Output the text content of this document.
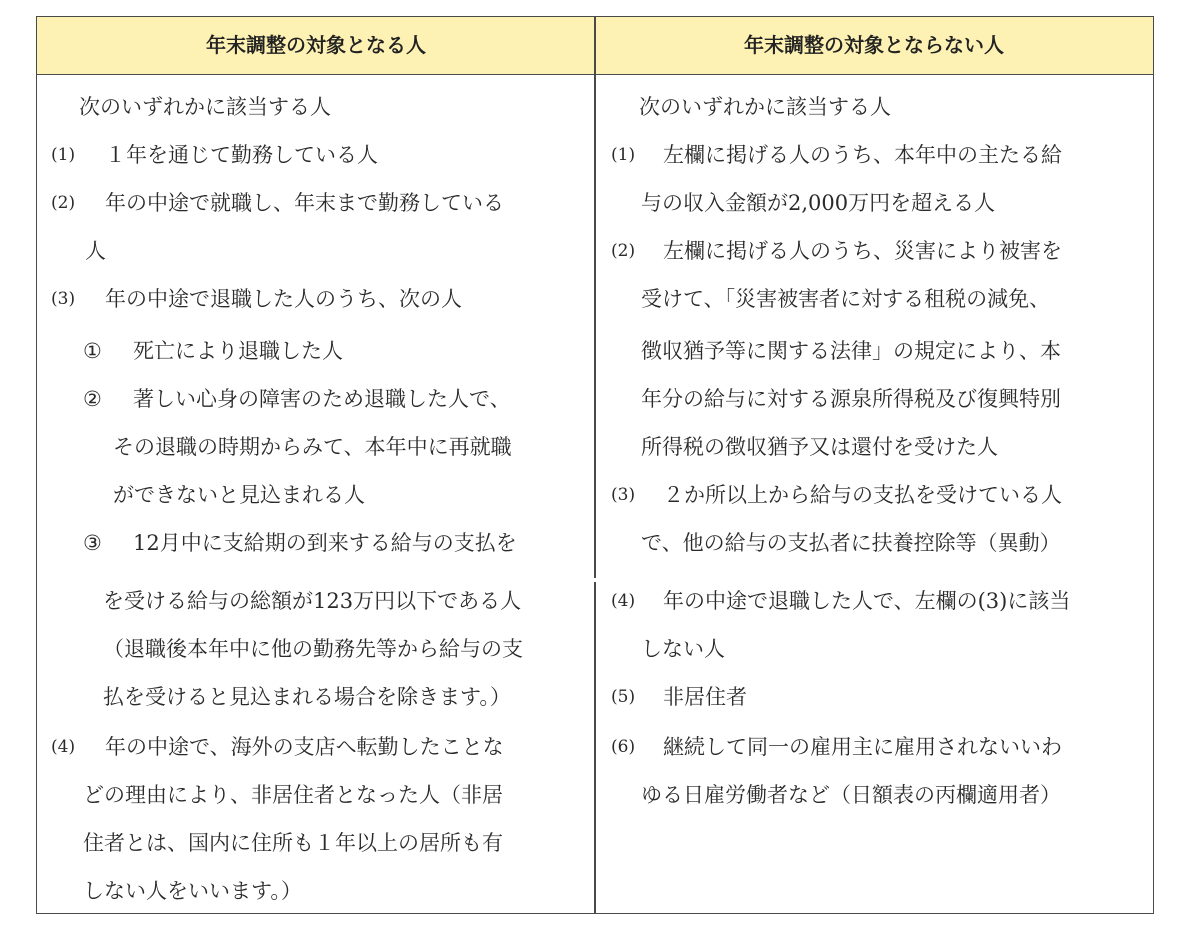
年末調整の対象となる人	年末調整の対象とならない人
次のいずれかに該当する人
(1) １年を通じて勤務している人
(2) 年の中途で就職し、年末まで勤務している
人
(3) 年の中途で退職した人のうち、次の人
① 死亡により退職した人
② 著しい心身の障害のため退職した人で、
その退職の時期からみて、本年中に再就職
ができないと見込まれる人
③ 12月中に支給期の到来する給与の支払を
を受ける給与の総額が123万円以下である人
（退職後本年中に他の勤務先等から給与の支
払を受けると見込まれる場合を除きます。）
(4) 年の中途で、海外の支店へ転勤したことな
どの理由により、非居住者となった人（非居
住者とは、国内に住所も１年以上の居所も有
しない人をいいます。）
次のいずれかに該当する人
(1) 左欄に掲げる人のうち、本年中の主たる給
与の収入金額が2,000万円を超える人
(2) 左欄に掲げる人のうち、災害により被害を
受けて、「災害被害者に対する租税の減免、
徴収猶予等に関する法律」の規定により、本
年分の給与に対する源泉所得税及び復興特別
所得税の徴収猶予又は還付を受けた人
(3) ２か所以上から給与の支払を受けている人
で、他の給与の支払者に扶養控除等（異動）
(4) 年の中途で退職した人で、左欄の(3)に該当
しない人
(5) 非居住者
(6) 継続して同一の雇用主に雇用されないいわ
ゆる日雇労働者など（日額表の丙欄適用者）
